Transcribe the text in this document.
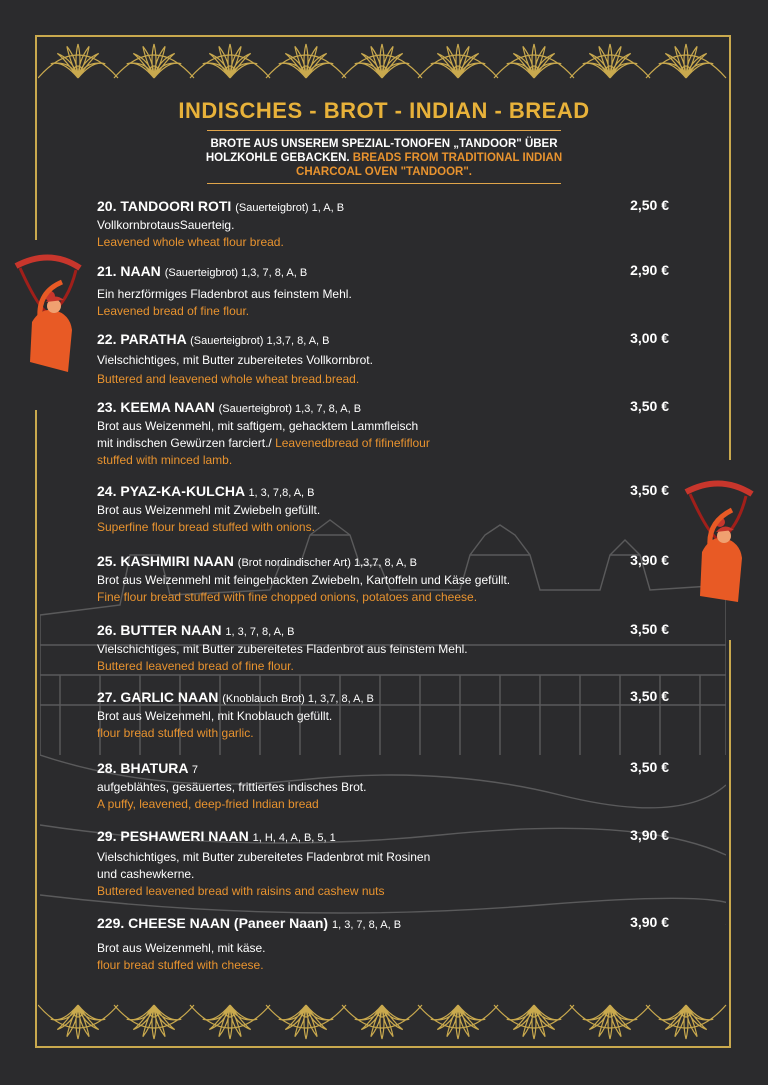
INDISCHES - BROT - INDIAN - BREAD
BROTE AUS UNSEREM SPEZIAL-TONOFEN „TANDOOR" ÜBER HOLZKOHLE GEBACKEN. BREADS FROM TRADITIONAL INDIAN CHARCOAL OVEN "TANDOOR".
20. TANDOORI ROTI (Sauerteigbrot) 1, A, B	2,50 €
VollkornbrotausSauerteig.
Leavened whole wheat flour bread.
21. NAAN (Sauerteigbrot) 1,3, 7, 8, A, B	2,90 €
Ein herzförmiges Fladenbrot aus feinstem Mehl.
Leavened bread of fine flour.
22. PARATHA (Sauerteigbrot) 1,3,7, 8, A, B	3,00 €
Vielschichtiges, mit Butter zubereitetes Vollkornbrot.
Buttered and leavened whole wheat bread.bread.
23. KEEMA NAAN (Sauerteigbrot) 1,3, 7, 8, A, B	3,50 €
Brot aus Weizenmehl, mit saftigem, gehacktem Lammfleisch
mit indischen Gewürzen farciert./ Leavenedbread of fifinefiflour
stuffed with minced lamb.
24. PYAZ-KA-KULCHA 1, 3, 7,8, A, B	3,50 €
Brot aus Weizenmehl mit Zwiebeln gefüllt.
Superfine flour bread stuffed with onions.
25. KASHMIRI NAAN (Brot nordindischer Art) 1,3,7, 8, A, B	3,90 €
Brot aus Weizenmehl mit feingehackten Zwiebeln, Kartoffeln und Käse gefüllt.
Fine flour bread stuffed with fine chopped onions, potatoes and cheese.
26. BUTTER NAAN 1, 3, 7, 8, A, B	3,50 €
Vielschichtiges, mit Butter zubereitetes Fladenbrot aus feinstem Mehl.
Buttered leavened bread of fine flour.
27. GARLIC NAAN (Knoblauch Brot) 1, 3,7, 8, A, B	3,50 €
Brot aus Weizenmehl, mit Knoblauch gefüllt.
flour bread stuffed with garlic.
28. BHATURA 7	3,50 €
aufgeblähtes, gesäuertes, frittiertes indisches Brot.
A puffy, leavened, deep-fried Indian bread
29. PESHAWERI NAAN 1, H, 4, A, B, 5, 1	3,90 €
Vielschichtiges, mit Butter zubereitetes Fladenbrot mit Rosinen
und cashewkerne.
Buttered leavened bread with raisins and cashew nuts
229. CHEESE NAAN (Paneer Naan) 1, 3, 7, 8, A, B	3,90 €
Brot aus Weizenmehl, mit käse.
flour bread stuffed with cheese.
